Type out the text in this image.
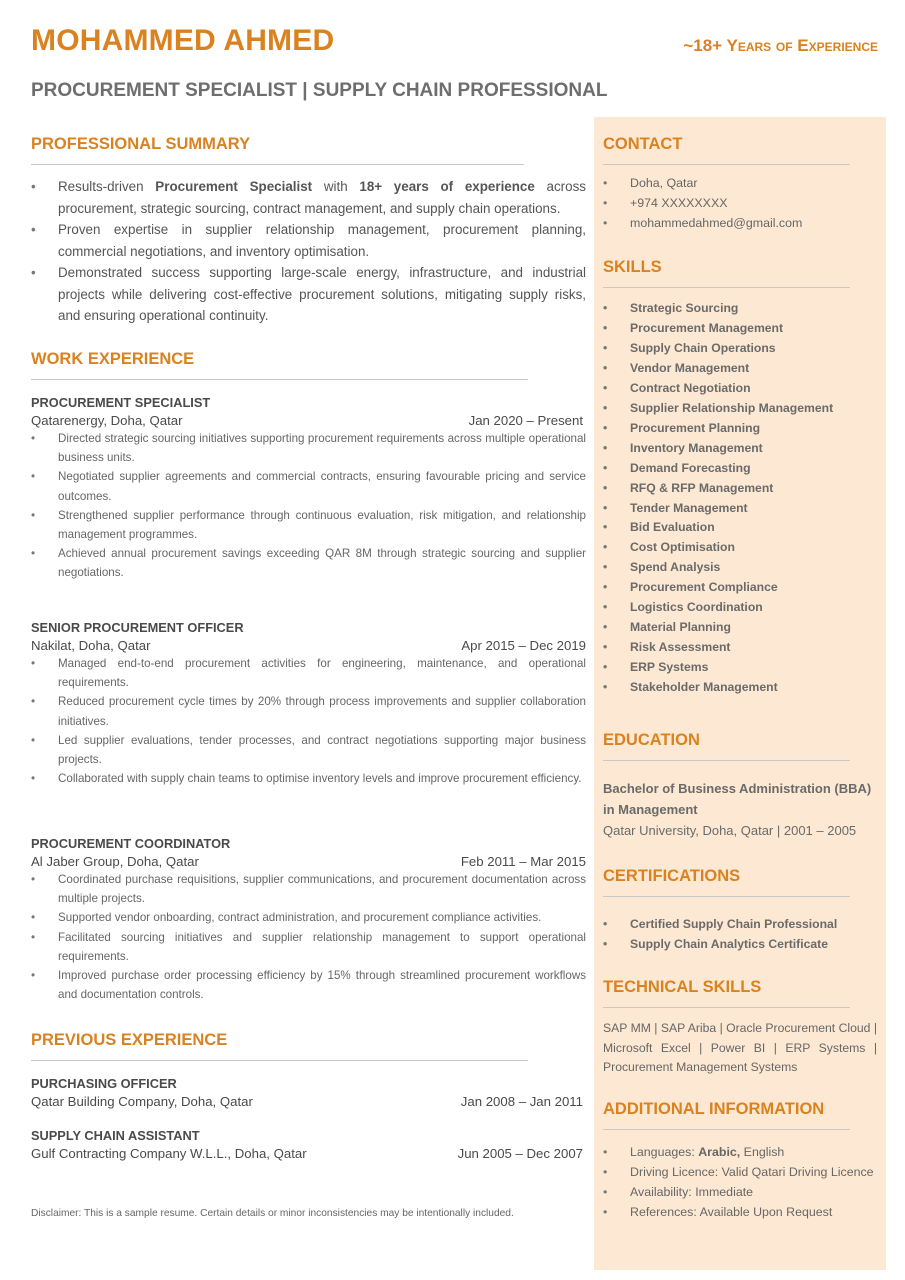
MOHAMMED AHMED	~18+ Years of Experience
PROCUREMENT SPECIALIST | SUPPLY CHAIN PROFESSIONAL
CONTACT
• Doha, Qatar
• +974 XXXXXXXX
• mohammedahmed@gmail.com
SKILLS
• Strategic Sourcing
• Procurement Management
• Supply Chain Operations
• Vendor Management
• Contract Negotiation
• Supplier Relationship Management
• Procurement Planning
• Inventory Management
• Demand Forecasting
• RFQ & RFP Management
• Tender Management
• Bid Evaluation
• Cost Optimisation
• Spend Analysis
• Procurement Compliance
• Logistics Coordination
• Material Planning
• Risk Assessment
• ERP Systems
• Stakeholder Management
EDUCATION
Bachelor of Business Administration (BBA) in Management
Qatar University, Doha, Qatar | 2001 – 2005
CERTIFICATIONS
• Certified Supply Chain Professional
• Supply Chain Analytics Certificate
TECHNICAL SKILLS
SAP MM | SAP Ariba | Oracle Procurement Cloud | Microsoft Excel | Power BI | ERP Systems | Procurement Management Systems
ADDITIONAL INFORMATION
• Languages: Arabic, English
• Driving Licence: Valid Qatari Driving Licence
• Availability: Immediate
• References: Available Upon Request
PROFESSIONAL SUMMARY
• Results-driven Procurement Specialist with 18+ years of experience across procurement, strategic sourcing, contract management, and supply chain operations.
• Proven expertise in supplier relationship management, procurement planning, commercial negotiations, and inventory optimisation.
• Demonstrated success supporting large-scale energy, infrastructure, and industrial projects while delivering cost-effective procurement solutions, mitigating supply risks, and ensuring operational continuity.
WORK EXPERIENCE
PROCUREMENT SPECIALIST
Qatarenergy, Doha, Qatar	Jan 2020 – Present
• Directed strategic sourcing initiatives supporting procurement requirements across multiple operational business units.
• Negotiated supplier agreements and commercial contracts, ensuring favourable pricing and service outcomes.
• Strengthened supplier performance through continuous evaluation, risk mitigation, and relationship management programmes.
• Achieved annual procurement savings exceeding QAR 8M through strategic sourcing and supplier negotiations.
SENIOR PROCUREMENT OFFICER
Nakilat, Doha, Qatar	Apr 2015 – Dec 2019
• Managed end-to-end procurement activities for engineering, maintenance, and operational requirements.
• Reduced procurement cycle times by 20% through process improvements and supplier collaboration initiatives.
• Led supplier evaluations, tender processes, and contract negotiations supporting major business projects.
• Collaborated with supply chain teams to optimise inventory levels and improve procurement efficiency.
PROCUREMENT COORDINATOR
Al Jaber Group, Doha, Qatar	Feb 2011 – Mar 2015
• Coordinated purchase requisitions, supplier communications, and procurement documentation across multiple projects.
• Supported vendor onboarding, contract administration, and procurement compliance activities.
• Facilitated sourcing initiatives and supplier relationship management to support operational requirements.
• Improved purchase order processing efficiency by 15% through streamlined procurement workflows and documentation controls.
PREVIOUS EXPERIENCE
PURCHASING OFFICER
Qatar Building Company, Doha, Qatar	Jan 2008 – Jan 2011
SUPPLY CHAIN ASSISTANT
Gulf Contracting Company W.L.L., Doha, Qatar	Jun 2005 – Dec 2007
Disclaimer: This is a sample resume. Certain details or minor inconsistencies may be intentionally included.
